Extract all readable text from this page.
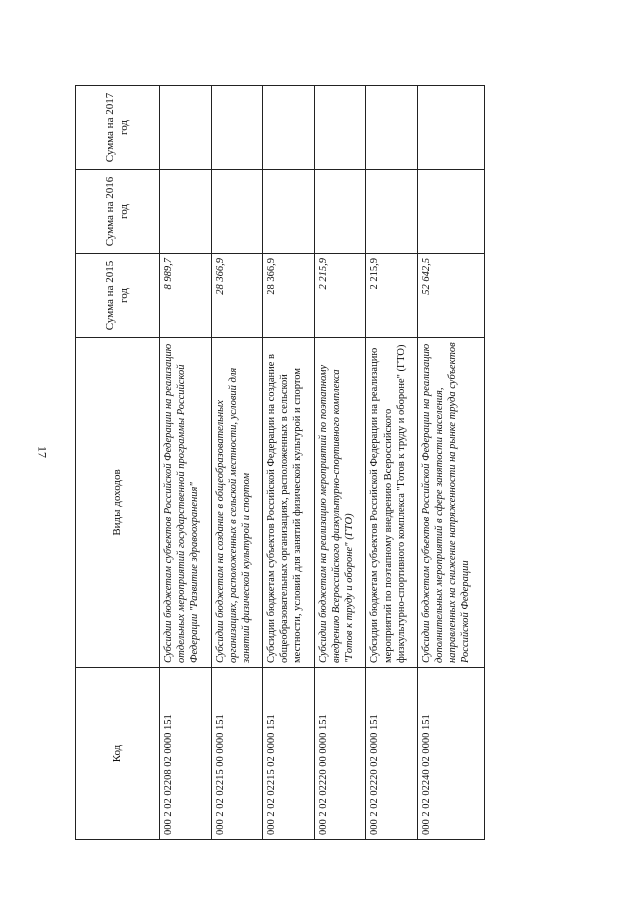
17
Код	Виды доходов	Сумма на 2015 год	Сумма на 2016 год	Сумма на 2017 год
000 2 02 02208 02 0000 151	Субсидии бюджетам субъектов Российской Федерации на реализацию отдельных мероприятий государственной программы Российской Федерации "Развитие здравоохранения"	8 989,7		
000 2 02 02215 00 0000 151	Субсидии бюджетам на создание в общеобразовательных организациях, расположенных в сельской местности, условий для занятий физической культурой и спортом	28 366,9		
000 2 02 02215 02 0000 151	Субсидии бюджетам субъектов Российской Федерации на создание в общеобразовательных организациях, расположенных в сельской местности, условий для занятий физической культурой и спортом	28 366,9		
000 2 02 02220 00 0000 151	Субсидии бюджетам на реализацию мероприятий по поэтапному внедрению Всероссийского физкультурно-спортивного комплекса "Готов к труду и обороне" (ГТО)	2 215,9		
000 2 02 02220 02 0000 151	Субсидии бюджетам субъектов Российской Федерации на реализацию мероприятий по поэтапному внедрению Всероссийского физкультурно-спортивного комплекса "Готов к труду и обороне" (ГТО)	2 215,9		
000 2 02 02240 02 0000 151	Субсидии бюджетам субъектов Российской Федерации на реализацию дополнительных мероприятий в сфере занятости населения, направленных на снижение напряженности на рынке труда субъектов Российской Федерации	52 642,5		
